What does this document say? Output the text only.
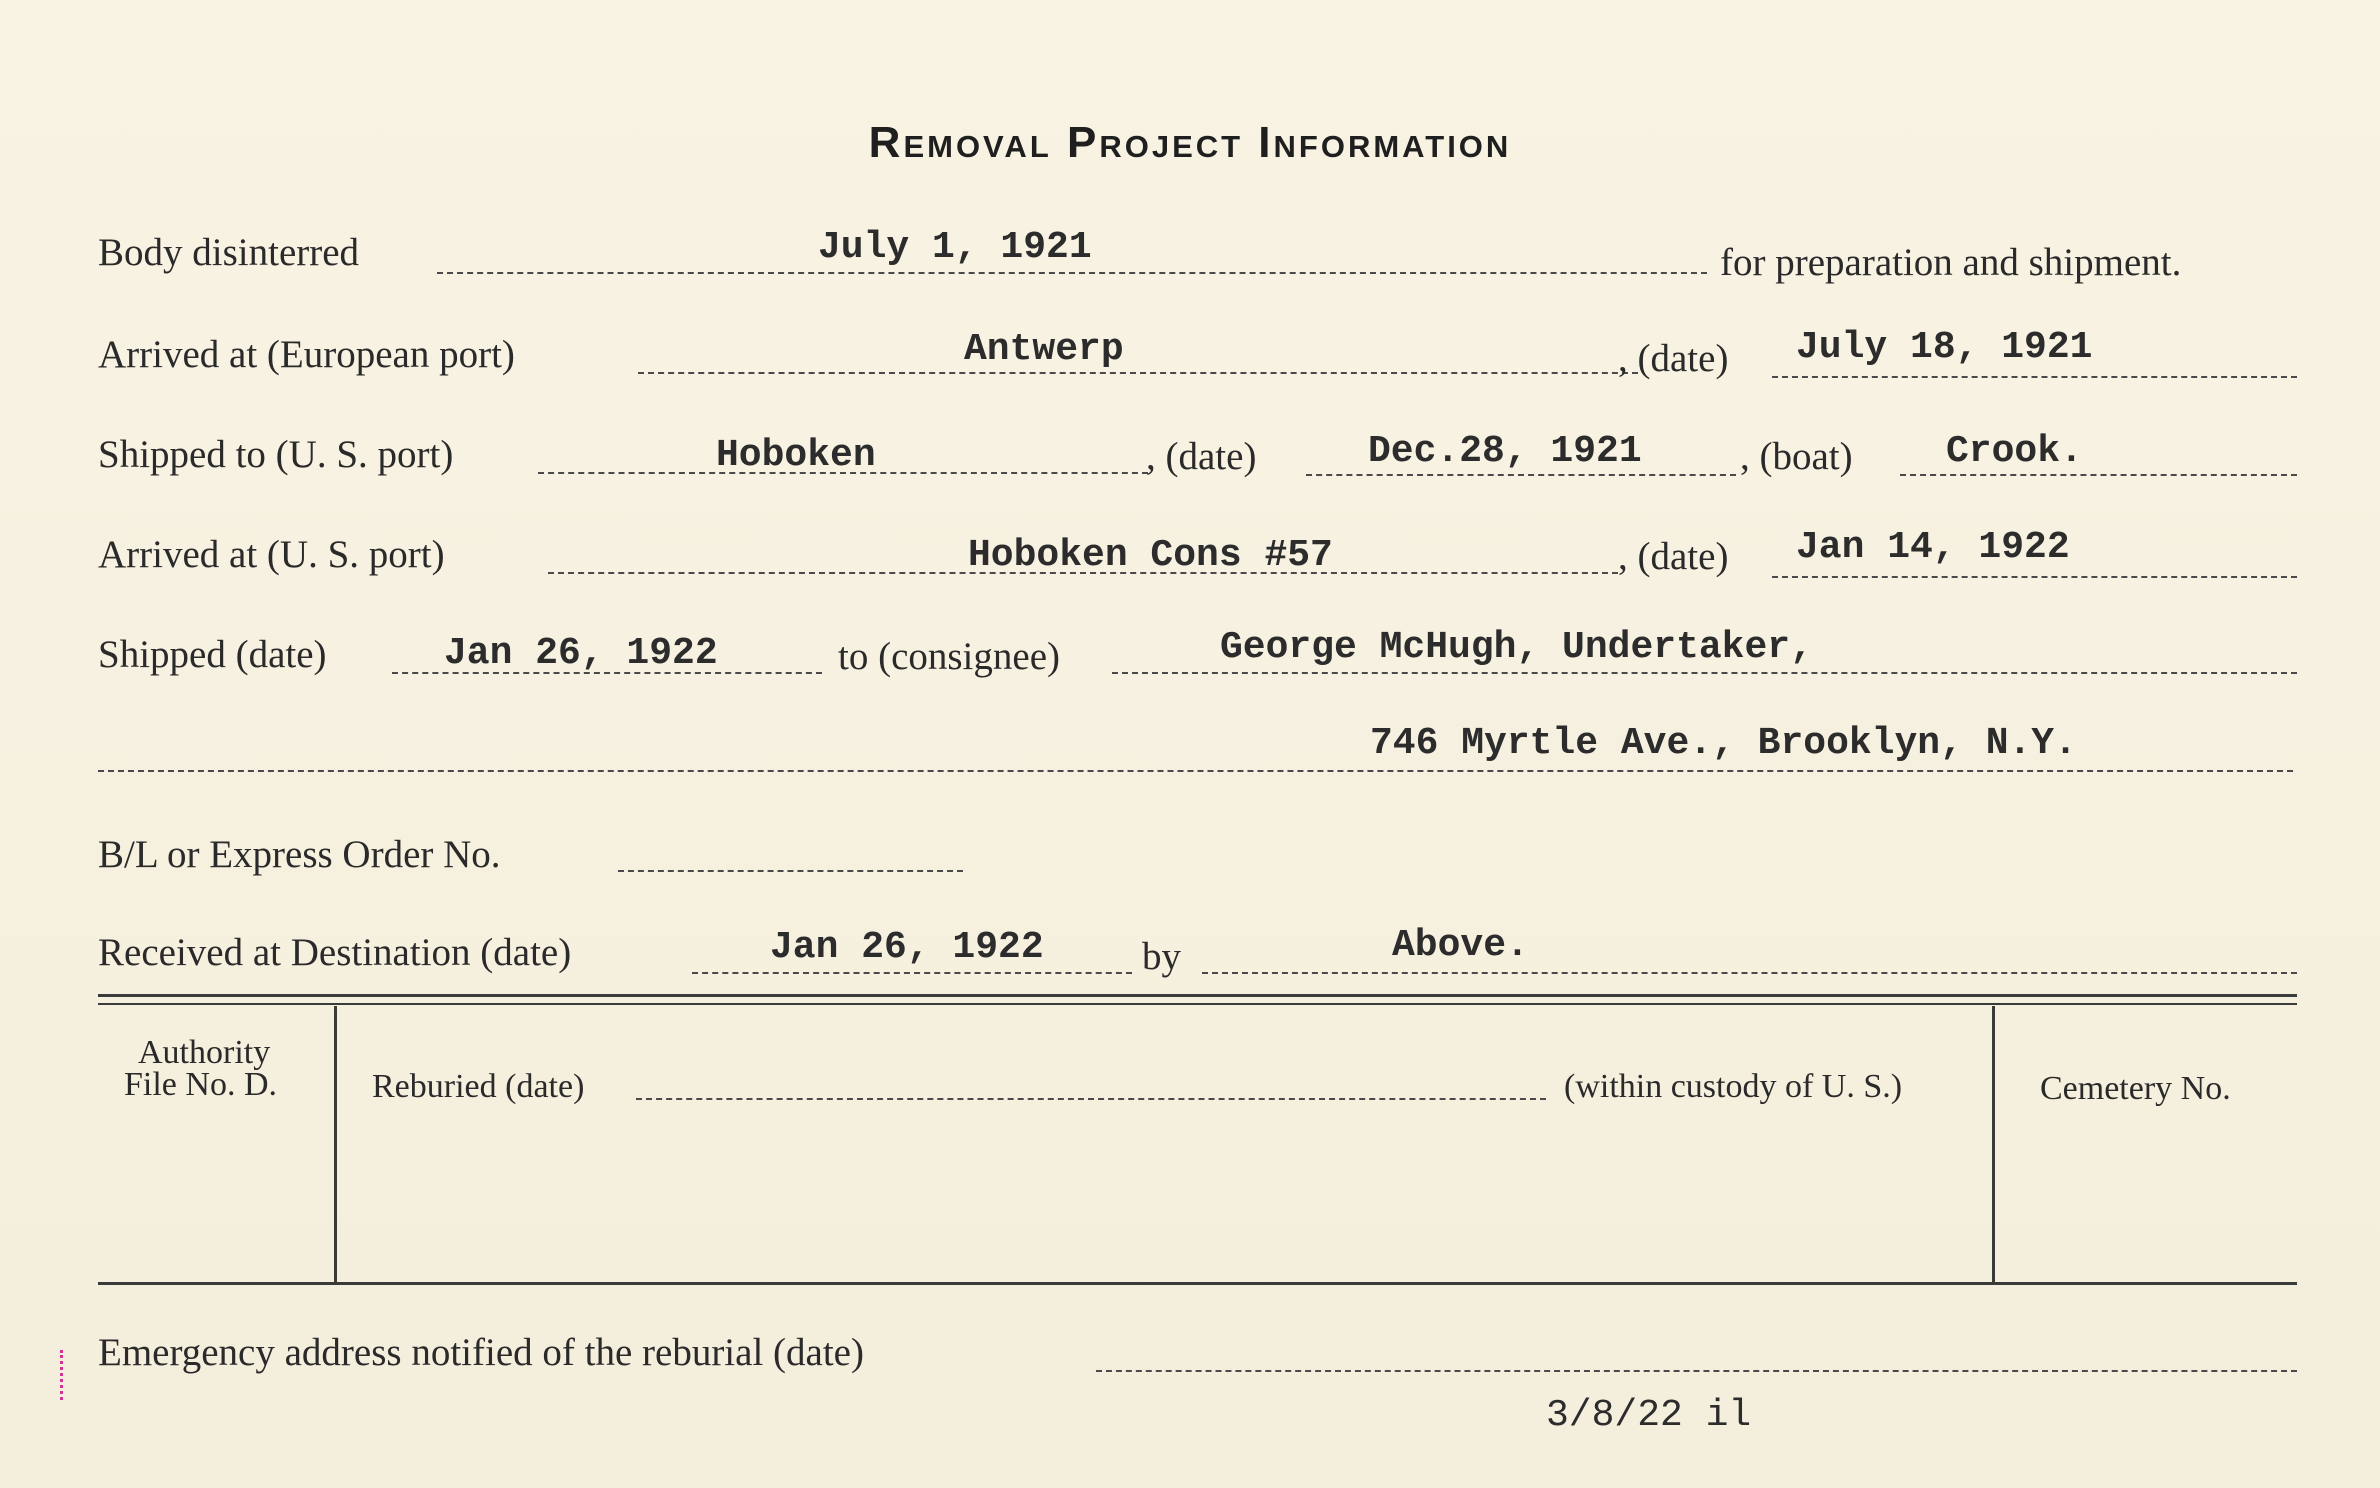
Removal Project Information
Body disinterred	July 1, 1921	for preparation and shipment.
Arrived at (European port)	Antwerp	, (date) July 18, 1921
Shipped to (U. S. port)	Hoboken	, (date)	Dec.28, 1921	, (boat) Crook.
Arrived at (U. S. port)	Hoboken Cons #57	, (date) Jan 14, 1922
Shipped (date)	Jan 26, 1922	to (consignee)	George McHugh, Undertaker,
746 Myrtle Ave., Brooklyn, N.Y.
B/L or Express Order No.
Received at Destination (date)	Jan 26, 1922	by	Above.
Authority
File No. D.	Reburied (date)	(within custody of U. S.)	Cemetery No.
Emergency address notified of the reburial (date)
3/8/22 il
